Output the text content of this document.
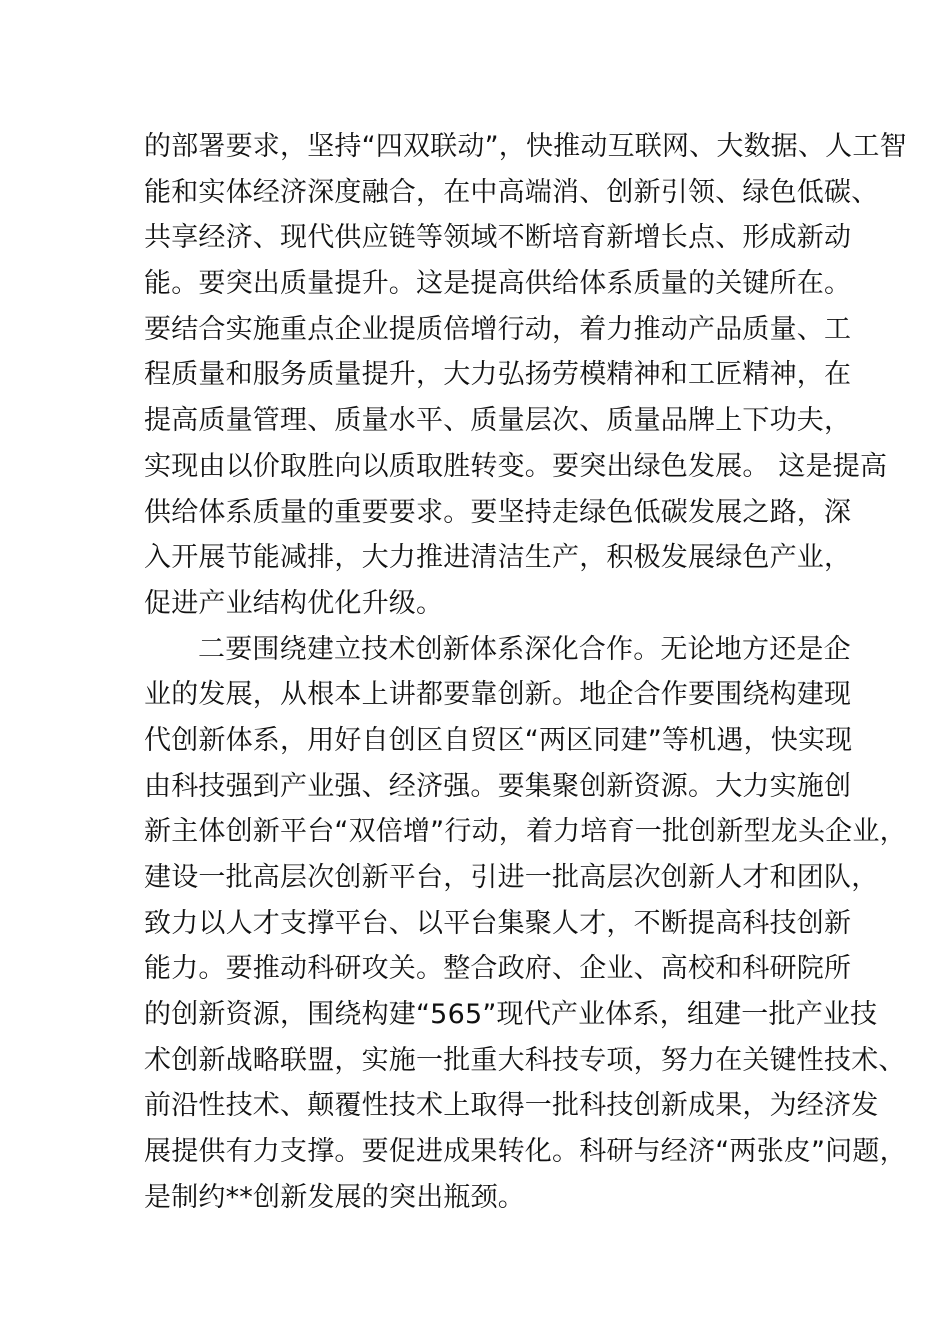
的部署要求，坚持“四双联动”，快推动互联网、大数据、人工智
能和实体经济深度融合，在中高端消、创新引领、绿色低碳、
共享经济、现代供应链等领域不断培育新增长点、形成新动
能。要突出质量提升。这是提高供给体系质量的关键所在。
要结合实施重点企业提质倍增行动，着力推动产品质量、工
程质量和服务质量提升，大力弘扬劳模精神和工匠精神，在
提高质量管理、质量水平、质量层次、质量品牌上下功夫，
实现由以价取胜向以质取胜转变。要突出绿色发展。 这是提高
供给体系质量的重要要求。要坚持走绿色低碳发展之路，深
入开展节能减排，大力推进清洁生产，积极发展绿色产业，
促进产业结构优化升级。
二要围绕建立技术创新体系深化合作。无论地方还是企
业的发展，从根本上讲都要靠创新。地企合作要围绕构建现
代创新体系，用好自创区自贸区“两区同建”等机遇，快实现
由科技强到产业强、经济强。要集聚创新资源。大力实施创
新主体创新平台“双倍增”行动，着力培育一批创新型龙头企业，
建设一批高层次创新平台，引进一批高层次创新人才和团队，
致力以人才支撑平台、以平台集聚人才，不断提高科技创新
能力。要推动科研攻关。整合政府、企业、高校和科研院所
的创新资源，围绕构建“565”现代产业体系，组建一批产业技
术创新战略联盟，实施一批重大科技专项，努力在关键性技术、
前沿性技术、颠覆性技术上取得一批科技创新成果，为经济发
展提供有力支撑。要促进成果转化。科研与经济“两张皮”问题，
是制约**创新发展的突出瓶颈。
